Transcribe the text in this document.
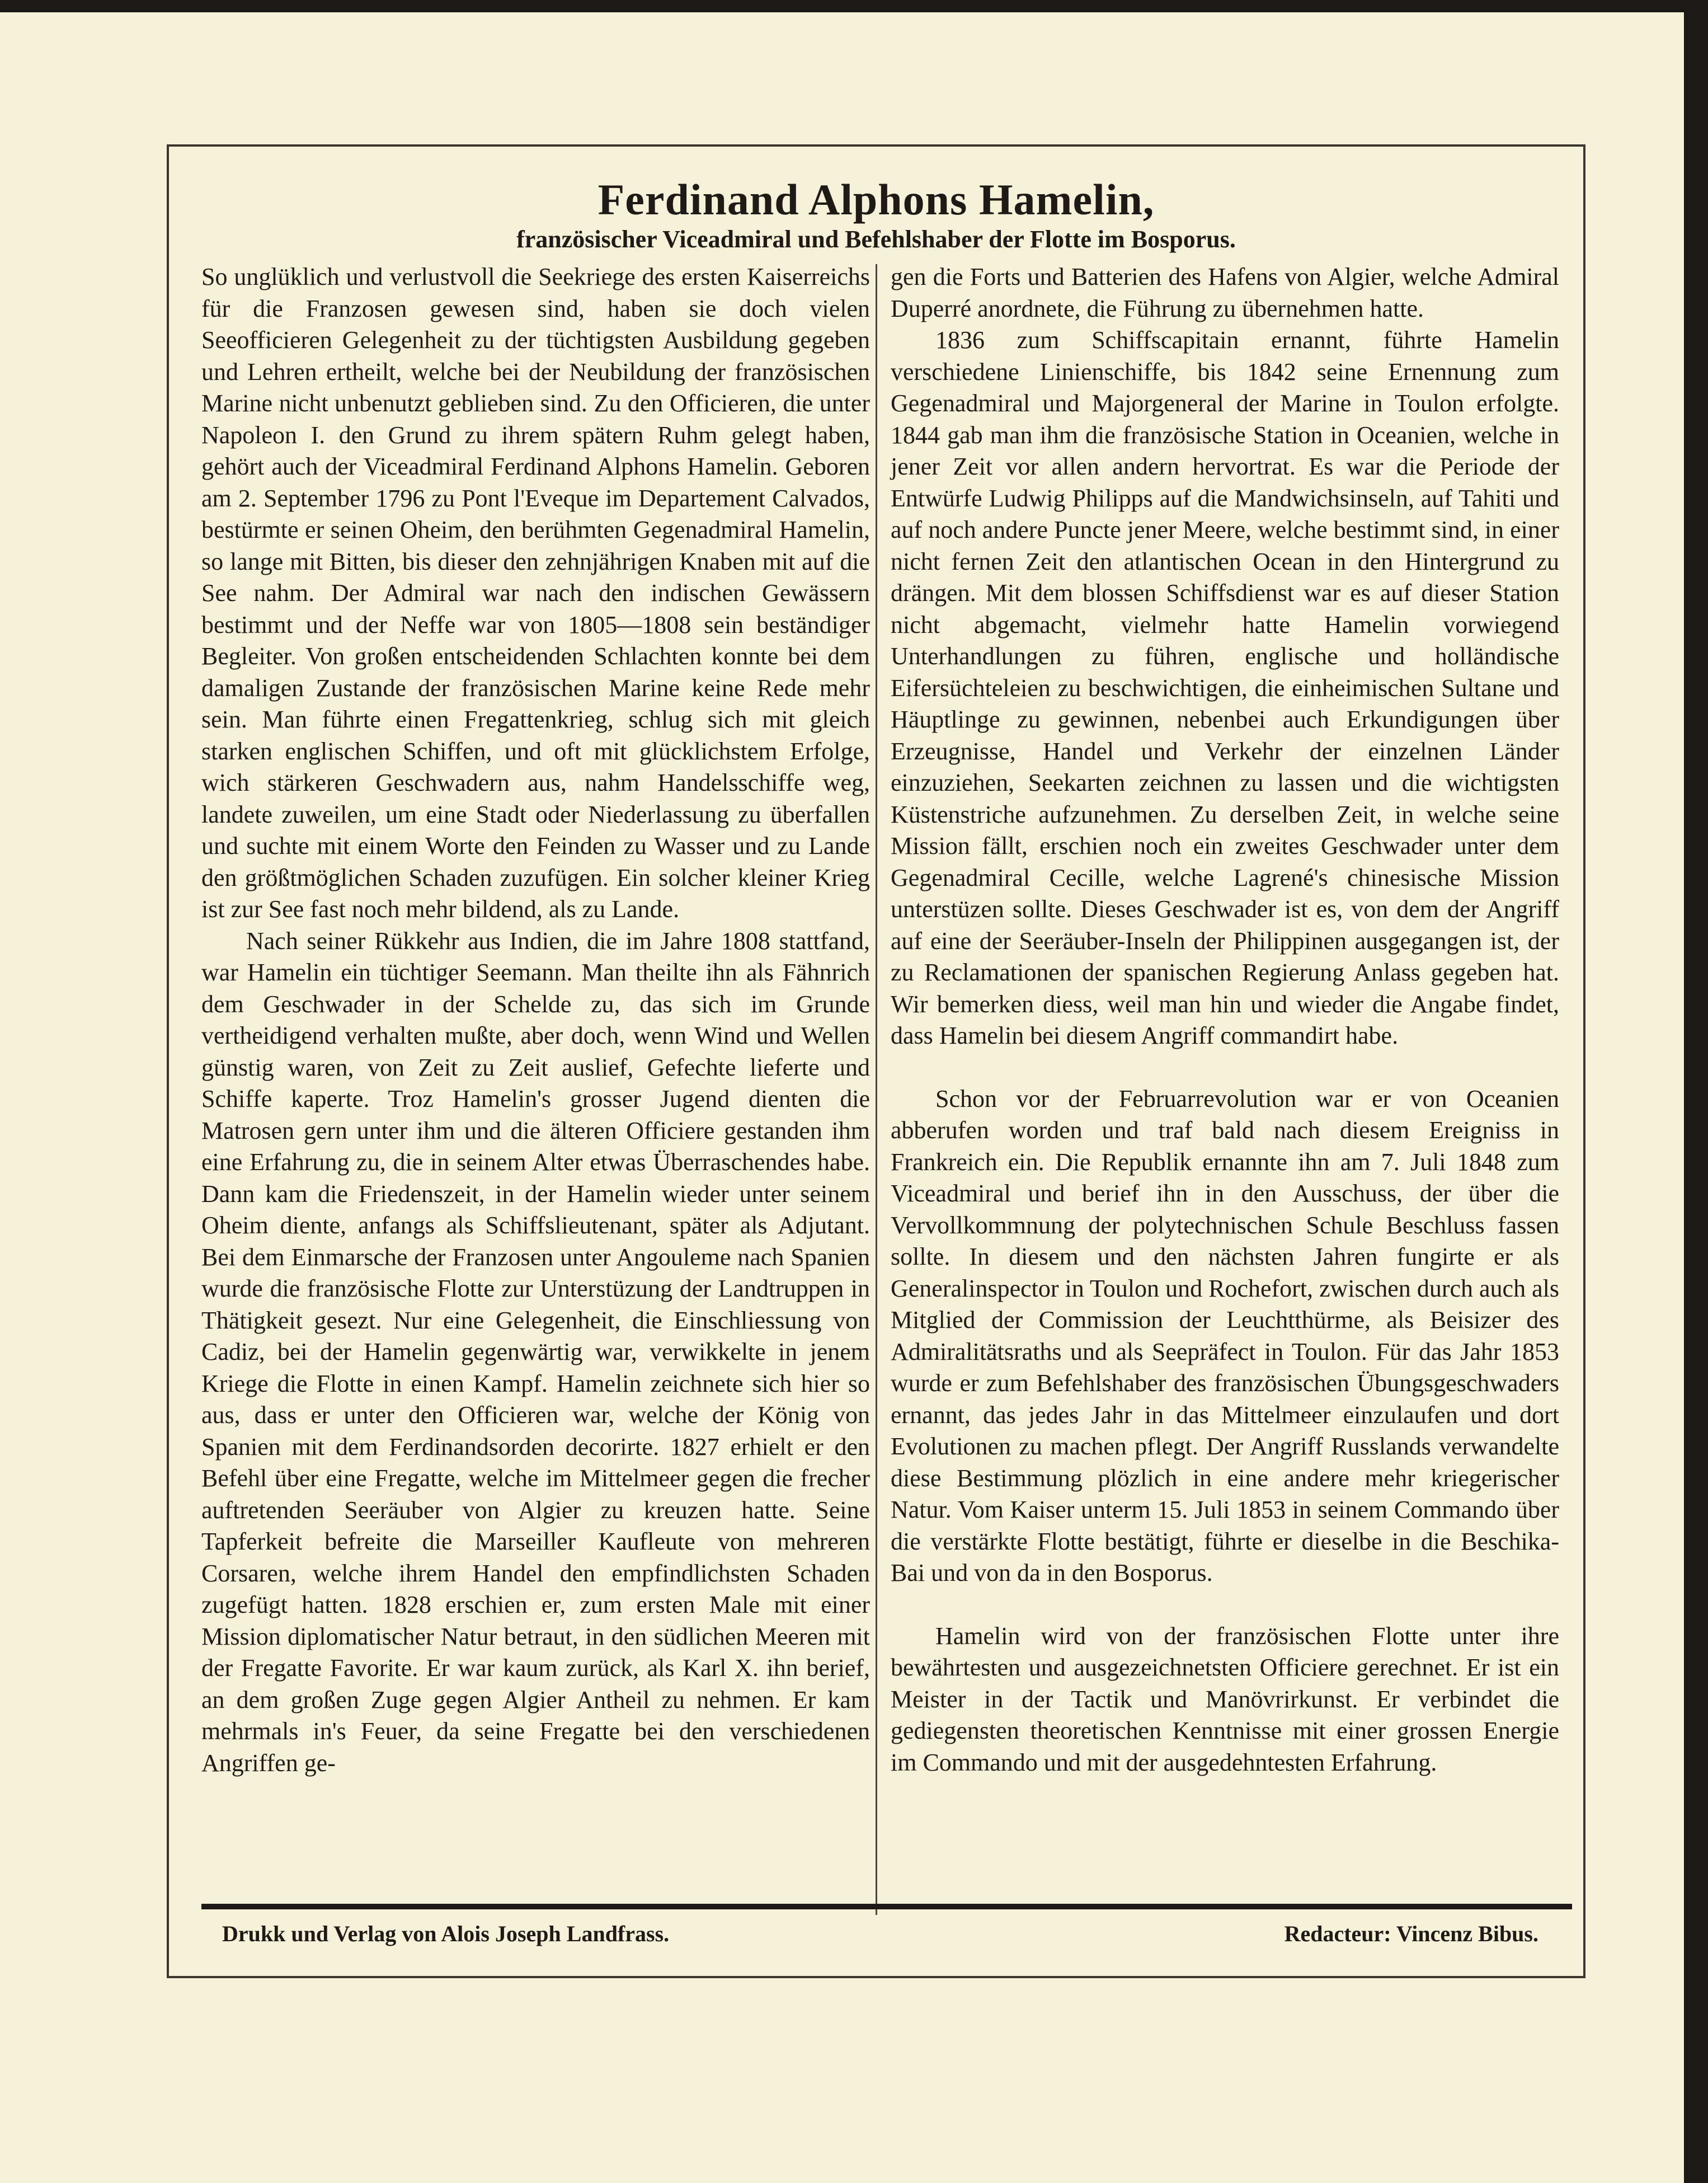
Ferdinand Alphons Hamelin,
französischer Viceadmiral und Befehlshaber der Flotte im Bosporus.

So unglüklich und verlustvoll die Seekriege des ersten Kaiserreichs für die Franzosen gewesen sind, haben sie doch vielen Seeofficieren Gelegenheit zu der tüchtigsten Ausbildung gegeben und Lehren ertheilt, welche bei der Neubildung der französischen Marine nicht unbenutzt geblieben sind. Zu den Officieren, die unter Napoleon I. den Grund zu ihrem spätern Ruhm gelegt haben, gehört auch der Viceadmiral Ferdinand Alphons Hamelin. Geboren am 2. September 1796 zu Pont l'Eveque im Departement Calvados, bestürmte er seinen Oheim, den berühmten Gegenadmiral Hamelin, so lange mit Bitten, bis dieser den zehnjährigen Knaben mit auf die See nahm. Der Admiral war nach den indischen Gewässern bestimmt und der Neffe war von 1805—1808 sein beständiger Begleiter. Von großen entscheidenden Schlachten konnte bei dem damaligen Zustande der französischen Marine keine Rede mehr sein. Man führte einen Fregattenkrieg, schlug sich mit gleich starken englischen Schiffen, und oft mit glücklichstem Erfolge, wich stärkeren Geschwadern aus, nahm Handelsschiffe weg, landete zuweilen, um eine Stadt oder Niederlassung zu überfallen und suchte mit einem Worte den Feinden zu Wasser und zu Lande den größtmöglichen Schaden zuzufügen. Ein solcher kleiner Krieg ist zur See fast noch mehr bildend, als zu Lande.

Nach seiner Rükkehr aus Indien, die im Jahre 1808 stattfand, war Hamelin ein tüchtiger Seemann. Man theilte ihn als Fähnrich dem Geschwader in der Schelde zu, das sich im Grunde vertheidigend verhalten mußte, aber doch, wenn Wind und Wellen günstig waren, von Zeit zu Zeit auslief, Gefechte lieferte und Schiffe kaperte. Troz Hamelin's grosser Jugend dienten die Matrosen gern unter ihm und die älteren Officiere gestanden ihm eine Erfahrung zu, die in seinem Alter etwas Überraschendes habe. Dann kam die Friedenszeit, in der Hamelin wieder unter seinem Oheim diente, anfangs als Schiffslieutenant, später als Adjutant. Bei dem Einmarsche der Franzosen unter Angouleme nach Spanien wurde die französische Flotte zur Unterstüzung der Landtruppen in Thätigkeit gesezt. Nur eine Gelegenheit, die Einschliessung von Cadiz, bei der Hamelin gegenwärtig war, verwikkelte in jenem Kriege die Flotte in einen Kampf. Hamelin zeichnete sich hier so aus, dass er unter den Officieren war, welche der König von Spanien mit dem Ferdinandsorden decorirte. 1827 erhielt er den Befehl über eine Fregatte, welche im Mittelmeer gegen die frecher auftretenden Seeräuber von Algier zu kreuzen hatte. Seine Tapferkeit befreite die Marseiller Kaufleute von mehreren Corsaren, welche ihrem Handel den empfindlichsten Schaden zugefügt hatten. 1828 erschien er, zum ersten Male mit einer Mission diplomatischer Natur betraut, in den südlichen Meeren mit der Fregatte Favorite. Er war kaum zurück, als Karl X. ihn berief, an dem großen Zuge gegen Algier Antheil zu nehmen. Er kam mehrmals in's Feuer, da seine Fregatte bei den verschiedenen Angriffen ge-

gen die Forts und Batterien des Hafens von Algier, welche Admiral Duperré anordnete, die Führung zu übernehmen hatte.

1836 zum Schiffscapitain ernannt, führte Hamelin verschiedene Linienschiffe, bis 1842 seine Ernennung zum Gegenadmiral und Majorgeneral der Marine in Toulon erfolgte. 1844 gab man ihm die französische Station in Oceanien, welche in jener Zeit vor allen andern hervortrat. Es war die Periode der Entwürfe Ludwig Philipps auf die Mandwichsinseln, auf Tahiti und auf noch andere Puncte jener Meere, welche bestimmt sind, in einer nicht fernen Zeit den atlantischen Ocean in den Hintergrund zu drängen. Mit dem blossen Schiffsdienst war es auf dieser Station nicht abgemacht, vielmehr hatte Hamelin vorwiegend Unterhandlungen zu führen, englische und holländische Eifersüchteleien zu beschwichtigen, die einheimischen Sultane und Häuptlinge zu gewinnen, nebenbei auch Erkundigungen über Erzeugnisse, Handel und Verkehr der einzelnen Länder einzuziehen, Seekarten zeichnen zu lassen und die wichtigsten Küstenstriche aufzunehmen. Zu derselben Zeit, in welche seine Mission fällt, erschien noch ein zweites Geschwader unter dem Gegenadmiral Cecille, welche Lagrené's chinesische Mission unterstüzen sollte. Dieses Geschwader ist es, von dem der Angriff auf eine der Seeräuber-Inseln der Philippinen ausgegangen ist, der zu Reclamationen der spanischen Regierung Anlass gegeben hat. Wir bemerken diess, weil man hin und wieder die Angabe findet, dass Hamelin bei diesem Angriff commandirt habe.

Schon vor der Februarrevolution war er von Oceanien abberufen worden und traf bald nach diesem Ereigniss in Frankreich ein. Die Republik ernannte ihn am 7. Juli 1848 zum Viceadmiral und berief ihn in den Ausschuss, der über die Vervollkommnung der polytechnischen Schule Beschluss fassen sollte. In diesem und den nächsten Jahren fungirte er als Generalinspector in Toulon und Rochefort, zwischen durch auch als Mitglied der Commission der Leuchtthürme, als Beisizer des Admiralitätsraths und als Seepräfect in Toulon. Für das Jahr 1853 wurde er zum Befehlshaber des französischen Übungsgeschwaders ernannt, das jedes Jahr in das Mittelmeer einzulaufen und dort Evolutionen zu machen pflegt. Der Angriff Russlands verwandelte diese Bestimmung plözlich in eine andere mehr kriegerischer Natur. Vom Kaiser unterm 15. Juli 1853 in seinem Commando über die verstärkte Flotte bestätigt, führte er dieselbe in die Beschika-Bai und von da in den Bosporus.

Hamelin wird von der französischen Flotte unter ihre bewährtesten und ausgezeichnetsten Officiere gerechnet. Er ist ein Meister in der Tactik und Manövrirkunst. Er verbindet die gediegensten theoretischen Kenntnisse mit einer grossen Energie im Commando und mit der ausgedehntesten Erfahrung.

Drukk und Verlag von Alois Joseph Landfrass.	Redacteur: Vincenz Bibus.
